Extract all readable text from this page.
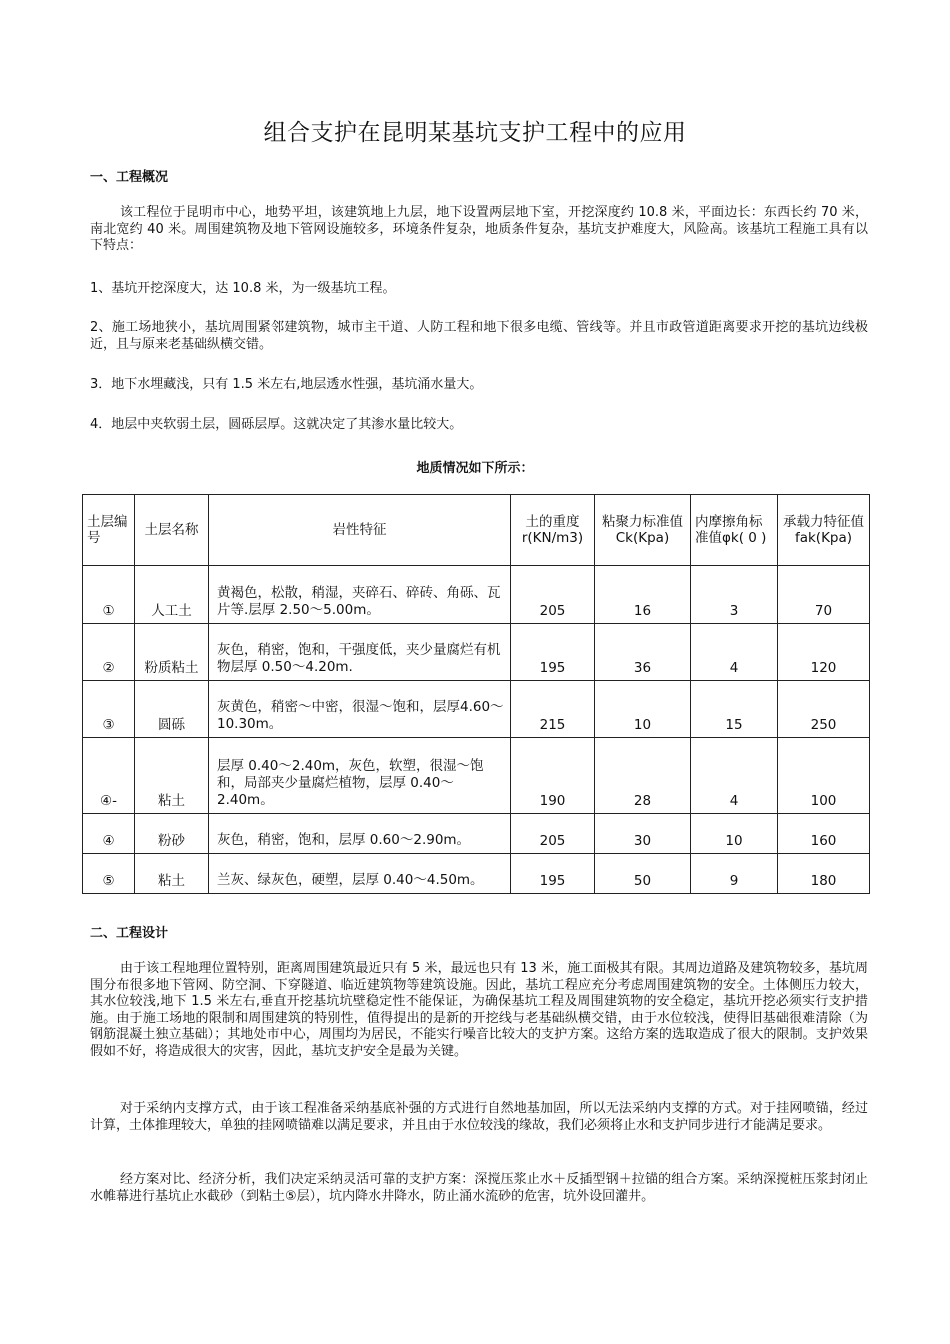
组合支护在昆明某基坑支护工程中的应用
一、工程概况
该工程位于昆明市中心，地势平坦，该建筑地上九层，地下设置两层地下室，开挖深度约 10.8 米，平面边长：东西长约 70 米，南北宽约 40 米。周围建筑物及地下管网设施较多，环境条件复杂，地质条件复杂，基坑支护难度大，风险高。该基坑工程施工具有以下特点：
1、基坑开挖深度大，达 10.8 米，为一级基坑工程。
2、施工场地狭小，基坑周围紧邻建筑物，城市主干道、人防工程和地下很多电缆、管线等。并且市政管道距离要求开挖的基坑边线极近，且与原来老基础纵横交错。
3．地下水埋藏浅，只有 1.5 米左右,地层透水性强，基坑涌水量大。
4．地层中夹软弱土层，圆砾层厚。这就决定了其渗水量比较大。
地质情况如下所示：
土层编号	土层名称	岩性特征	土的重度r(KN/m3)	粘聚力标准值 Ck(Kpa)	内摩擦角标准值φk( 0 )	承载力特征值fak(Kpa)
①	人工土	黄褐色，松散，稍湿，夹碎石、碎砖、角砾、瓦片等.层厚 2.50～5.00m。	205	16	3	70
②	粉质粘土	灰色，稍密，饱和，干强度低，夹少量腐烂有机物层厚 0.50～4.20m.	195	36	4	120
③	圆砾	灰黄色，稍密～中密，很湿～饱和，层厚4.60～10.30m。	215	10	15	250
④-	粘土	层厚 0.40～2.40m，灰色，软塑，很湿～饱和，局部夹少量腐烂植物，层厚 0.40～2.40m。	190	28	4	100
④	粉砂	灰色，稍密，饱和，层厚 0.60～2.90m。	205	30	10	160
⑤	粘土	兰灰、绿灰色，硬塑，层厚 0.40～4.50m。	195	50	9	180
二、工程设计
由于该工程地理位置特别，距离周围建筑最近只有 5 米，最远也只有 13 米，施工面极其有限。其周边道路及建筑物较多，基坑周围分布很多地下管网、防空洞、下穿隧道、临近建筑物等建筑设施。因此，基坑工程应充分考虑周围建筑物的安全。土体侧压力较大，其水位较浅,地下 1.5 米左右,垂直开挖基坑坑壁稳定性不能保证，为确保基坑工程及周围建筑物的安全稳定，基坑开挖必须实行支护措施。由于施工场地的限制和周围建筑的特别性，值得提出的是新的开挖线与老基础纵横交错，由于水位较浅，使得旧基础很难清除（为钢筋混凝土独立基础）；其地处市中心，周围均为居民，不能实行噪音比较大的支护方案。这给方案的选取造成了很大的限制。支护效果假如不好，将造成很大的灾害，因此，基坑支护安全是最为关键。
对于采纳内支撑方式，由于该工程准备采纳基底补强的方式进行自然地基加固，所以无法采纳内支撑的方式。对于挂网喷锚，经过计算，土体推理较大，单独的挂网喷锚难以满足要求，并且由于水位较浅的缘故，我们必须将止水和支护同步进行才能满足要求。
经方案对比、经济分析，我们决定采纳灵活可靠的支护方案：深搅压浆止水＋反插型钢＋拉锚的组合方案。采纳深搅桩压浆封闭止水帷幕进行基坑止水截砂（到粘土⑤层），坑内降水井降水，防止涌水流砂的危害，坑外设回灌井。
